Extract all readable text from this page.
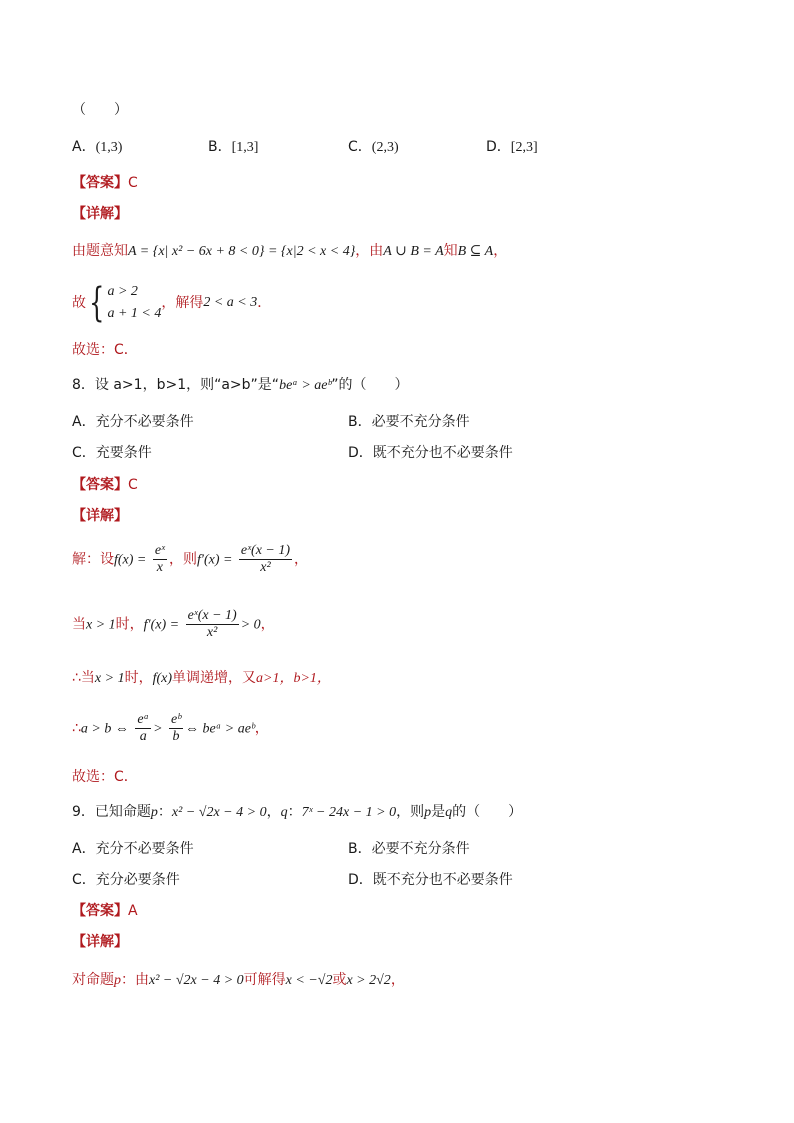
（　　）
A．(1,3)	B．[1,3]	C．(2,3)	D．[2,3]
【答案】C
【详解】
由题意知A = {x| x² − 6x + 8 < 0} = {x|2 < x < 4}，由A ∪ B = A知B ⊆ A，
故 { a > 2
a + 1 < 4
，解得 2 < a < 3 ．
故选：C．
8．设 a>1，b>1，则“a>b”是“beᵃ > aeᵇ”的（　　）
A．充分不必要条件	B．必要不充分条件
C．充要条件	D．既不充分也不必要条件
【答案】C
【详解】
解：设$f(x) = \frac{\text{eˣ}}{x}$ ，则$f'(x) = \frac{\text{eˣ(x − 1)}}{\text{x²}}$ ，
当x > 1时，$f'(x) = \frac{\text{eˣ(x − 1)}}{\text{x²}} > 0$，
∴当x > 1时，f(x)单调递增，又a>1，b>1，
∴a > b ⇔ $\frac{\text{eᵃ}}{a} > \frac{\text{eᵇ}}{b}$ ⇔ beᵃ > aeᵇ，
故选：C．
9．已知命题p：x² − √2x − 4 > 0，q：7ˣ − 24x − 1 > 0，则p是q的（　　）
A．充分不必要条件	B．必要不充分条件
C．充分必要条件	D．既不充分也不必要条件
【答案】A
【详解】
对命题p：由x² − √2x − 4 > 0可解得x < −√2或x > 2√2，
